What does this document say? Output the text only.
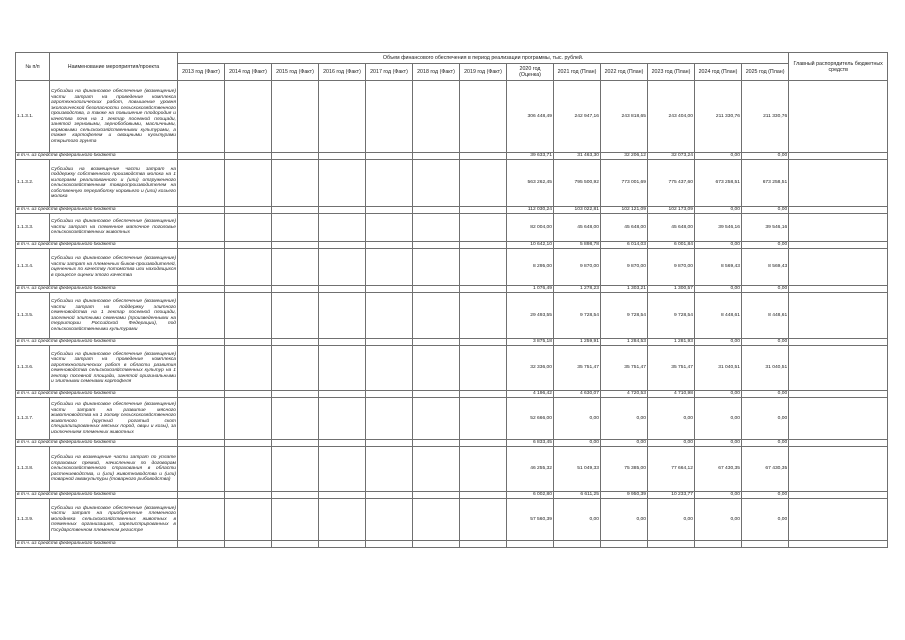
№ п/п	Наименование мероприятия/проекта	Объем финансового обеспечения в период реализации программы, тыс. рублей.													Главный распорядитель бюджетных средств
		2013 год (Факт)	2014 год (Факт)	2015 год (Факт)	2016 год (Факт)	2017 год (Факт)	2018 год (Факт)	2019 год (Факт)	2020 год (Оценка)	2021 год (План)	2022 год (План)	2023 год (План)	2024 год (План)	2025 год (План)	
1.1.3.1.	Субсидии на финансовое обеспечение (возмещение) части затрат на проведение комплекса агротехнологических работ, повышение уровня экологической безопасности сельскохозяйственного производства, а также на повышение плодородия и качества почв на 1 гектар посевной площади, занятой зерновыми, зернобобовыми, масличными, кормовыми сельскохозяйственными культурами, а также картофелем и овощными культурами открытого грунта								306 448,49	242 947,16	243 818,65	243 404,00	211 330,76	211 330,76	
в т.ч. из средств федерального бюджета									39 633,71	31 463,30	32 206,12	32 073,24	0,00	0,00	
1.1.3.2.	Субсидии на возмещение части затрат на поддержку собственного производства молока на 1 килограмм реализованного и (или) отгруженного сельскохозяйственным товаропроизводителем на собственную переработку коровьего и (или) козьего молока								563 262,45	795 500,92	773 001,69	775 437,60	673 258,51	673 258,51	
в т.ч. из средств федерального бюджета									112 030,24	103 022,81	102 121,09	102 173,09	0,00	0,00	
1.1.3.3.	Субсидии на финансовое обеспечение (возмещение) части затрат на племенное маточное поголовье сельскохозяйственных животных								82 004,00	45 648,00	45 648,00	45 648,00	39 546,16	39 546,16	
в т.ч. из средств федерального бюджета									10 642,10	5 898,78	6 014,03	6 001,84	0,00	0,00	
1.1.3.4.	Субсидии на финансовое обеспечение (возмещение) части затрат на племенных быков-производителей, оцененных по качеству потомства или находящихся в процессе оценки этого качества								8 295,00	9 870,00	9 870,00	9 870,00	8 569,43	8 569,43	
в т.ч. из средств федерального бюджета									1 076,49	1 278,23	1 303,21	1 300,57	0,00	0,00	
1.1.3.5.	Субсидии на финансовое обеспечение (возмещение) части затрат на поддержку элитного семеноводства на 1 гектар посевной площади, засеянной элитными семенами (произведенными на территории Российской Федерации), под сельскохозяйственными культурами								29 493,55	9 728,54	9 728,54	9 728,54	8 448,61	8 448,61	
в т.ч. из средств федерального бюджета									3 875,18	1 259,91	1 284,53	1 281,93	0,00	0,00	
1.1.3.6.	Субсидии на финансовое обеспечение (возмещение) части затрат на проведение комплекса агротехнологических работ в области развития семеноводства сельскохозяйственных культур на 1 гектар посевной площади, занятой оригинальными и элитными семенами картофеля								32 336,00	35 751,47	35 751,47	35 751,47	31 040,51	31 040,51	
в т.ч. из средств федерального бюджета									4 196,42	4 630,07	4 720,53	4 710,98	0,00	0,00	
1.1.3.7.	Субсидии на финансовое обеспечение (возмещение) части затрат на развитие мясного животноводства на 1 голову сельскохозяйственного животного (крупный рогатый скот специализированных мясных пород, овцы и козы), за исключением племенных животных								52 666,00	0,00	0,00	0,00	0,00	0,00	
в т.ч. из средств федерального бюджета									6 833,45	0,00	0,00	0,00	0,00	0,00	
1.1.3.8.	Субсидии на возмещение части затрат по уплате страховых премий, начисленных по договорам сельскохозяйственного страхования в области растениеводства, и (или) животноводства и (или) товарной аквакультуры (товарного рыбоводства)								46 255,32	51 049,33	75 385,00	77 664,12	67 430,35	67 430,35	
в т.ч. из средств федерального бюджета									6 002,80	6 611,25	9 950,39	10 233,77	0,00	0,00	
1.1.3.9.	Субсидии на финансовое обеспечение (возмещение) части затрат на приобретение племенного молодняка сельскохозяйственных животных в племенных организациях, зарегистрированных в Государственном племенном регистре								57 560,39	0,00	0,00	0,00	0,00	0,00	
в т.ч. из средств федерального бюджета															
